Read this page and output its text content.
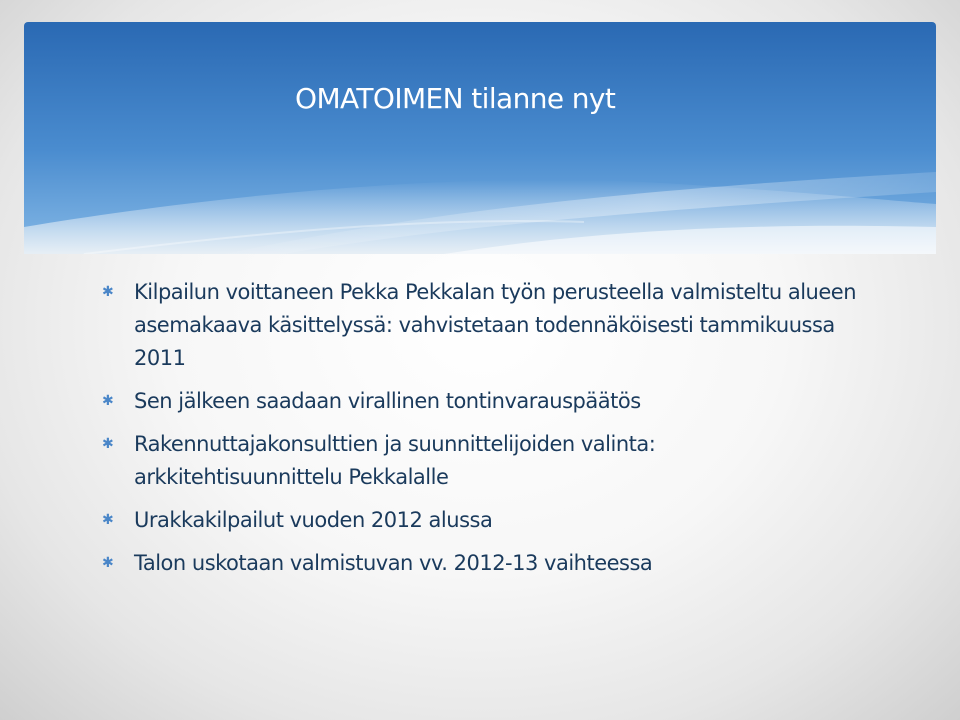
OMATOIMEN tilanne nyt
✱ Kilpailun voittaneen Pekka Pekkalan työn perusteella valmisteltu alueen asemakaava käsittelyssä: vahvistetaan todennäköisesti tammikuussa 2011
✱ Sen jälkeen saadaan virallinen tontinvarauspäätös
✱ Rakennuttajakonsulttien ja suunnittelijoiden valinta: arkkitehtisuunnittelu Pekkalalle
✱ Urakkakilpailut vuoden 2012 alussa
✱ Talon uskotaan valmistuvan vv. 2012-13 vaihteessa
